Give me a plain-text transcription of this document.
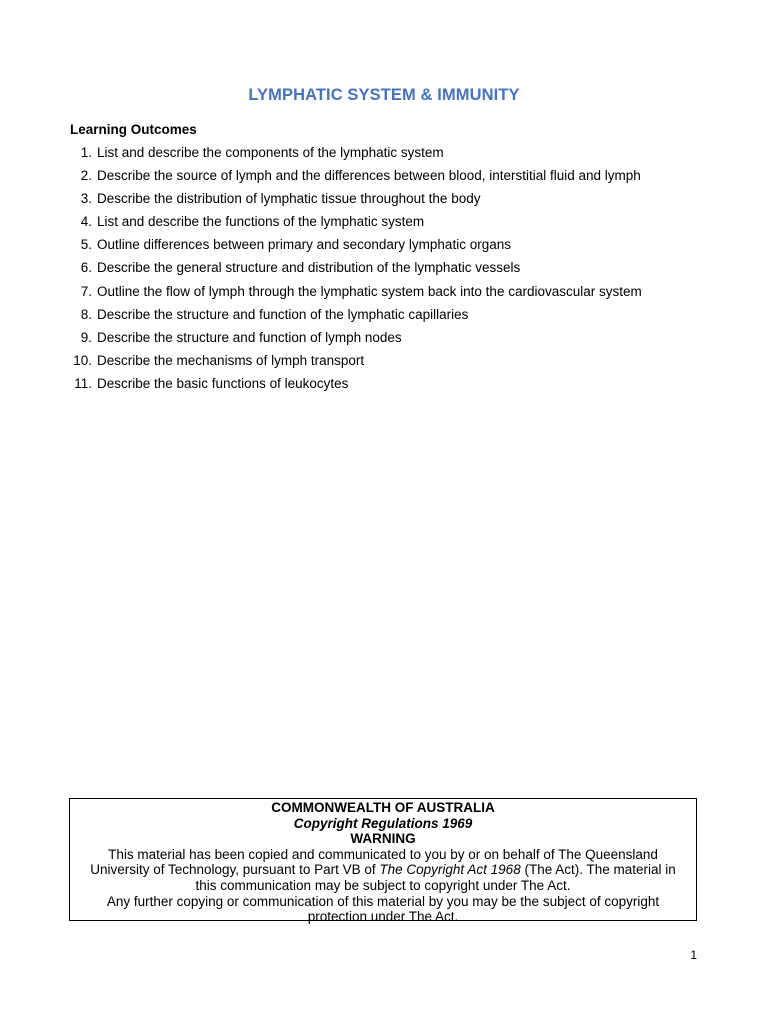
LYMPHATIC SYSTEM & IMMUNITY
Learning Outcomes
1. List and describe the components of the lymphatic system
2. Describe the source of lymph and the differences between blood, interstitial fluid and lymph
3. Describe the distribution of lymphatic tissue throughout the body
4. List and describe the functions of the lymphatic system
5. Outline differences between primary and secondary lymphatic organs
6. Describe the general structure and distribution of the lymphatic vessels
7. Outline the flow of lymph through the lymphatic system back into the cardiovascular system
8. Describe the structure and function of the lymphatic capillaries
9. Describe the structure and function of lymph nodes
10. Describe the mechanisms of lymph transport
11. Describe the basic functions of leukocytes
COMMONWEALTH OF AUSTRALIA
Copyright Regulations 1969
WARNING
This material has been copied and communicated to you by or on behalf of The Queensland University of Technology, pursuant to Part VB of The Copyright Act 1968 (The Act). The material in this communication may be subject to copyright under The Act.
Any further copying or communication of this material by you may be the subject of copyright protection under The Act.
1
